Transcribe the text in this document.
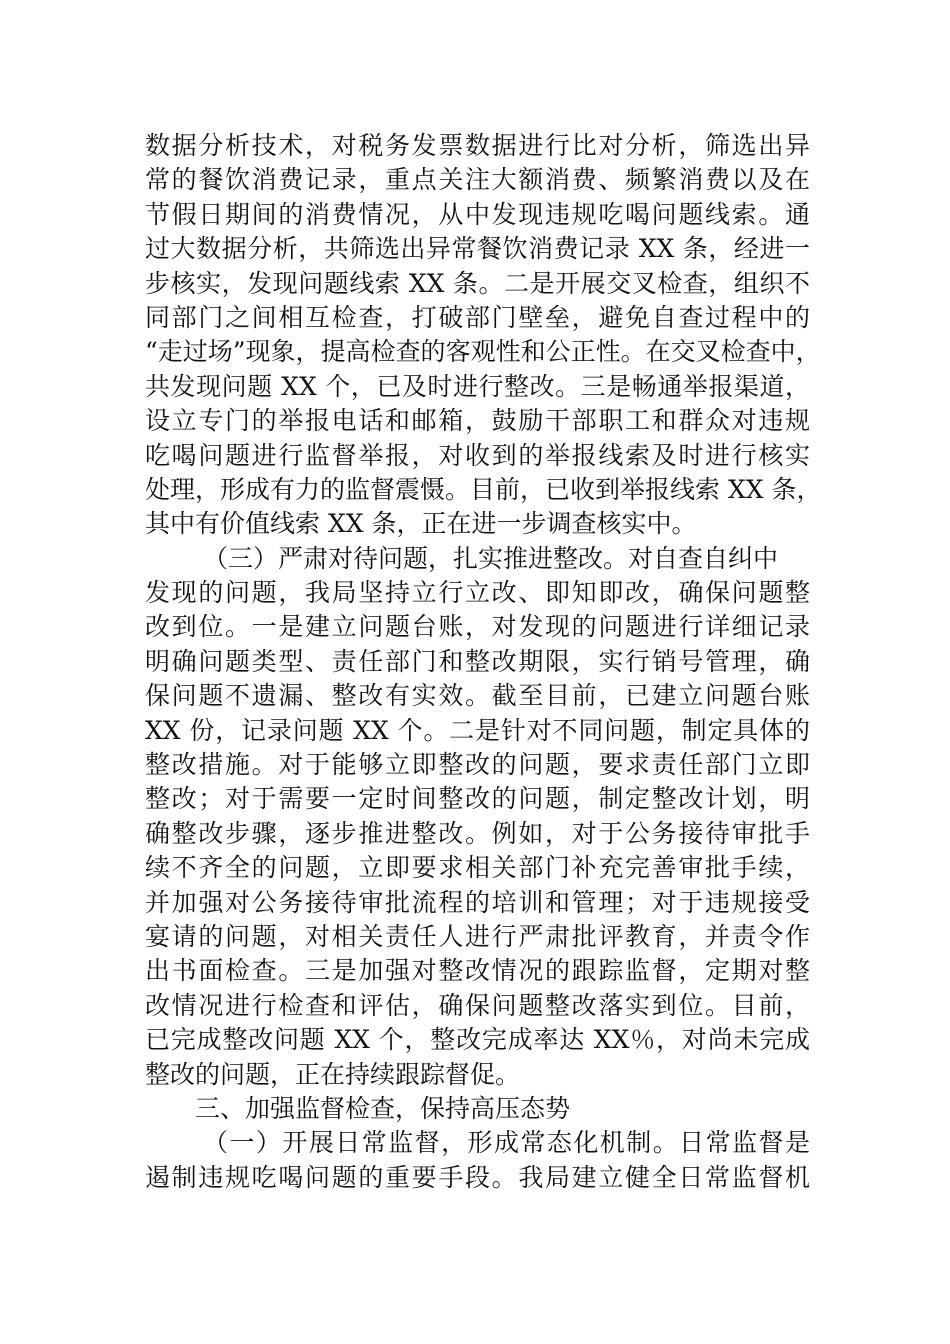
数据分析技术，对税务发票数据进行比对分析，筛选出异
常的餐饮消费记录，重点关注大额消费、频繁消费以及在
节假日期间的消费情况，从中发现违规吃喝问题线索。通
过大数据分析，共筛选出异常餐饮消费记录 XX 条，经进一
步核实，发现问题线索 XX 条。二是开展交叉检查，组织不
同部门之间相互检查，打破部门壁垒，避免自查过程中的
“走过场”现象，提高检查的客观性和公正性。在交叉检查中，
共发现问题 XX 个，已及时进行整改。三是畅通举报渠道，
设立专门的举报电话和邮箱，鼓励干部职工和群众对违规
吃喝问题进行监督举报，对收到的举报线索及时进行核实
处理，形成有力的监督震慑。目前，已收到举报线索 XX 条，
其中有价值线索 XX 条，正在进一步调查核实中。
（三）严肃对待问题，扎实推进整改。对自查自纠中
发现的问题，我局坚持立行立改、即知即改，确保问题整
改到位。一是建立问题台账，对发现的问题进行详细记录
明确问题类型、责任部门和整改期限，实行销号管理，确
保问题不遗漏、整改有实效。截至目前，已建立问题台账
XX 份，记录问题 XX 个。二是针对不同问题，制定具体的
整改措施。对于能够立即整改的问题，要求责任部门立即
整改；对于需要一定时间整改的问题，制定整改计划，明
确整改步骤，逐步推进整改。例如，对于公务接待审批手
续不齐全的问题，立即要求相关部门补充完善审批手续，
并加强对公务接待审批流程的培训和管理；对于违规接受
宴请的问题，对相关责任人进行严肃批评教育，并责令作
出书面检查。三是加强对整改情况的跟踪监督，定期对整
改情况进行检查和评估，确保问题整改落实到位。目前，
已完成整改问题 XX 个，整改完成率达 XX％，对尚未完成
整改的问题，正在持续跟踪督促。
三、加强监督检查，保持高压态势
（一）开展日常监督，形成常态化机制。日常监督是
遏制违规吃喝问题的重要手段。我局建立健全日常监督机
